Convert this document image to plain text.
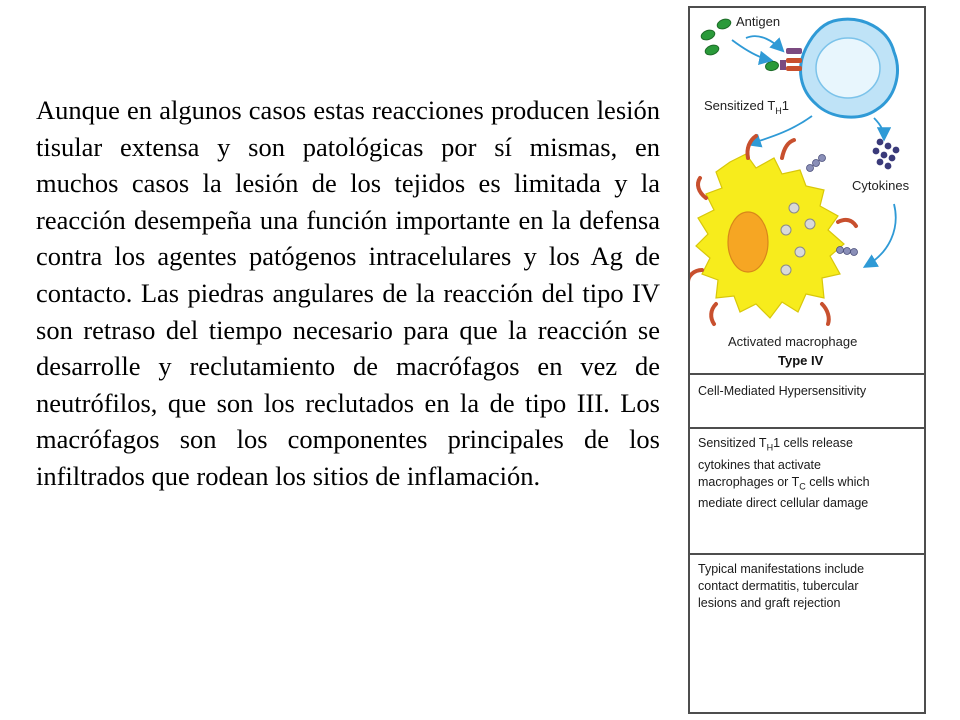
Aunque en algunos casos estas reacciones producen lesión tisular extensa y son patológicas por sí mismas, en muchos casos la lesión de los tejidos es limitada y la reacción desempeña una función importante en la defensa contra los agentes patógenos intracelulares y los Ag de contacto. Las piedras angulares de la reacción del tipo IV son retraso del tiempo necesario para que la reacción se desarrolle y reclutamiento de macrófagos en vez de neutrófilos, que son los reclutados en la de tipo III. Los macrófagos son los componentes principales de los infiltrados que rodean los sitios de inflamación.

Antigen
Sensitized $T_H1$
Cytokines
Activated macrophage
Type IV
Cell-Mediated Hypersensitivity
Sensitized $T_H1$ cells release
cytokines that activate
macrophages or $T_C$ cells which
mediate direct cellular damage
Typical manifestations include
contact dermatitis, tubercular
lesions and graft rejection
